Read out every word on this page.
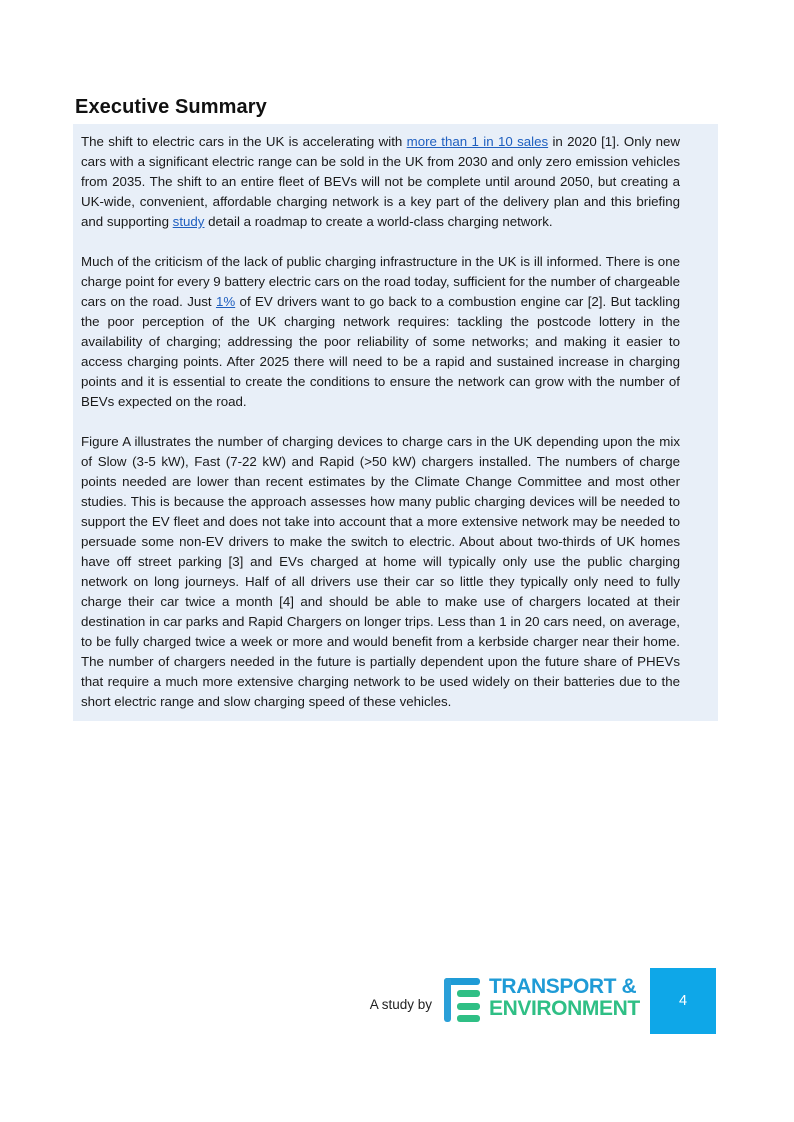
Executive Summary

The shift to electric cars in the UK is accelerating with more than 1 in 10 sales in 2020 [1]. Only new cars with a significant electric range can be sold in the UK from 2030 and only zero emission vehicles from 2035. The shift to an entire fleet of BEVs will not be complete until around 2050, but creating a UK-wide, convenient, affordable charging network is a key part of the delivery plan and this briefing and supporting study detail a roadmap to create a world-class charging network.

Much of the criticism of the lack of public charging infrastructure in the UK is ill informed. There is one charge point for every 9 battery electric cars on the road today, sufficient for the number of chargeable cars on the road. Just 1% of EV drivers want to go back to a combustion engine car [2]. But tackling the poor perception of the UK charging network requires: tackling the postcode lottery in the availability of charging; addressing the poor reliability of some networks; and making it easier to access charging points. After 2025 there will need to be a rapid and sustained increase in charging points and it is essential to create the conditions to ensure the network can grow with the number of BEVs expected on the road.

Figure A illustrates the number of charging devices to charge cars in the UK depending upon the mix of Slow (3-5 kW), Fast (7-22 kW) and Rapid (>50 kW) chargers installed. The numbers of charge points needed are lower than recent estimates by the Climate Change Committee and most other studies. This is because the approach assesses how many public charging devices will be needed to support the EV fleet and does not take into account that a more extensive network may be needed to persuade some non-EV drivers to make the switch to electric. About about two-thirds of UK homes have off street parking [3] and EVs charged at home will typically only use the public charging network on long journeys. Half of all drivers use their car so little they typically only need to fully charge their car twice a month [4] and should be able to make use of chargers located at their destination in car parks and Rapid Chargers on longer trips. Less than 1 in 20 cars need, on average, to be fully charged twice a week or more and would benefit from a kerbside charger near their home. The number of chargers needed in the future is partially dependent upon the future share of PHEVs that require a much more extensive charging network to be used widely on their batteries due to the short electric range and slow charging speed of these vehicles.

A study by
TRANSPORT &
ENVIRONMENT	4
